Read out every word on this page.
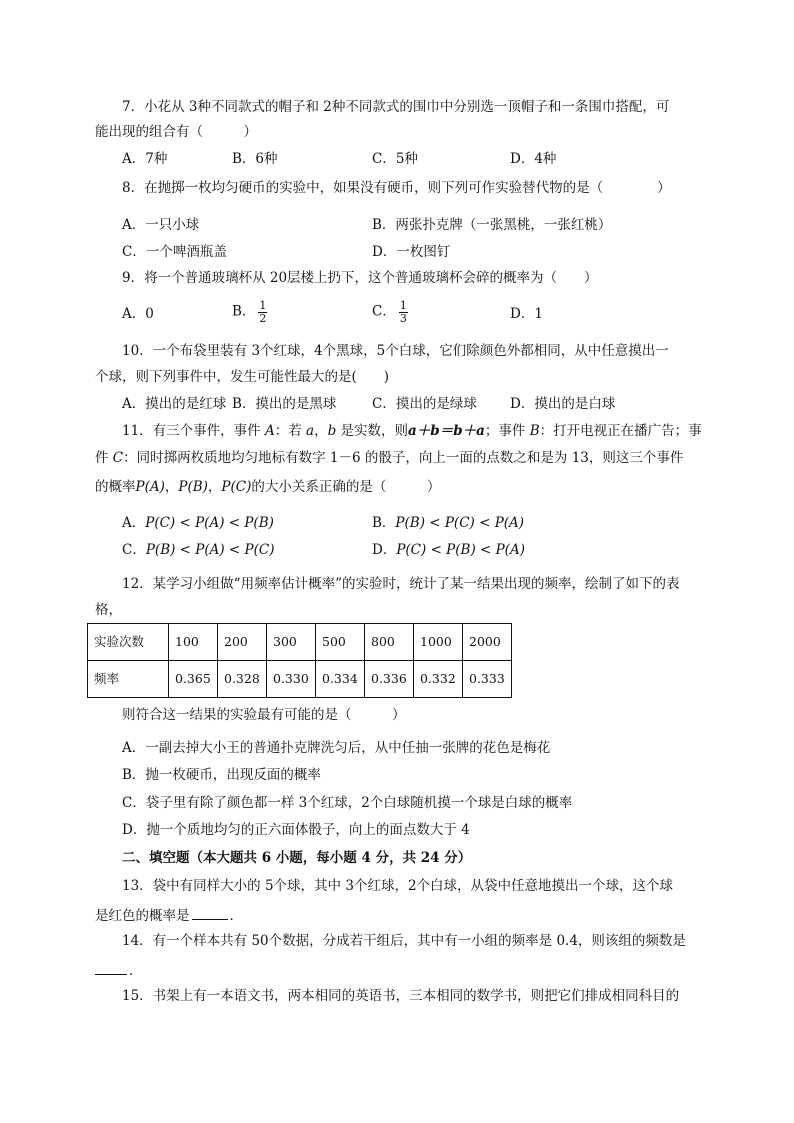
7．小花从 3种不同款式的帽子和 2种不同款式的围巾中分别选一顶帽子和一条围巾搭配，可
能出现的组合有（　　　）
A．7种	B．6种	C．5种	D．4种
8．在抛掷一枚均匀硬币的实验中，如果没有硬币，则下列可作实验替代物的是（　　　　）
A．一只小球	B．两张扑克牌（一张黑桃，一张红桃）
C．一个啤酒瓶盖	D．一枚图钉
9．将一个普通玻璃杯从 20层楼上扔下，这个普通玻璃杯会碎的概率为（　　）
A．0	B． $\frac{1}{2}$	C． $\frac{1}{3}$	D．1
10．一个布袋里装有 3个红球，4个黑球，5个白球，它们除颜色外都相同，从中任意摸出一
个球，则下列事件中，发生可能性最大的是(　　)
A．摸出的是红球 B．摸出的是黑球	C．摸出的是绿球 D．摸出的是白球
11．有三个事件，事件 A：若 a，b 是实数，则a＋b＝b＋a；事件 B：打开电视正在播广告；事
件 C：同时掷两枚质地均匀地标有数字 1－6 的骰子，向上一面的点数之和是为 13，则这三个事件
的概率P(A)，P(B)，P(C)的大小关系正确的是（　　　）
A．P(C) < P(A) < P(B)	B．P(B) < P(C) < P(A)
C．P(B) < P(A) < P(C)	D．P(C) < P(B) < P(A)
12．某学习小组做“用频率估计概率”的实验时，统计了某一结果出现的频率，绘制了如下的表
格，
实验次数	100	200	300	500	800	1000	2000
频率	0.365	0.328	0.330	0.334	0.336	0.332	0.333
则符合这一结果的实验最有可能的是（　　　）
A．一副去掉大小王的普通扑克牌洗匀后，从中任抽一张牌的花色是梅花
B．抛一枚硬币，出现反面的概率
C．袋子里有除了颜色都一样 3个红球，2个白球随机摸一个球是白球的概率
D．抛一个质地均匀的正六面体骰子，向上的面点数大于 4
二、填空题（本大题共 6 小题，每小题 4 分，共 24 分）
13．袋中有同样大小的 5个球，其中 3个红球，2个白球，从袋中任意地摸出一个球，这个球
是红色的概率是	．
14．有一个样本共有 50个数据，分成若干组后，其中有一小组的频率是 0.4，则该组的频数是
．
15．书架上有一本语文书，两本相同的英语书，三本相同的数学书，则把它们排成相同科目的
